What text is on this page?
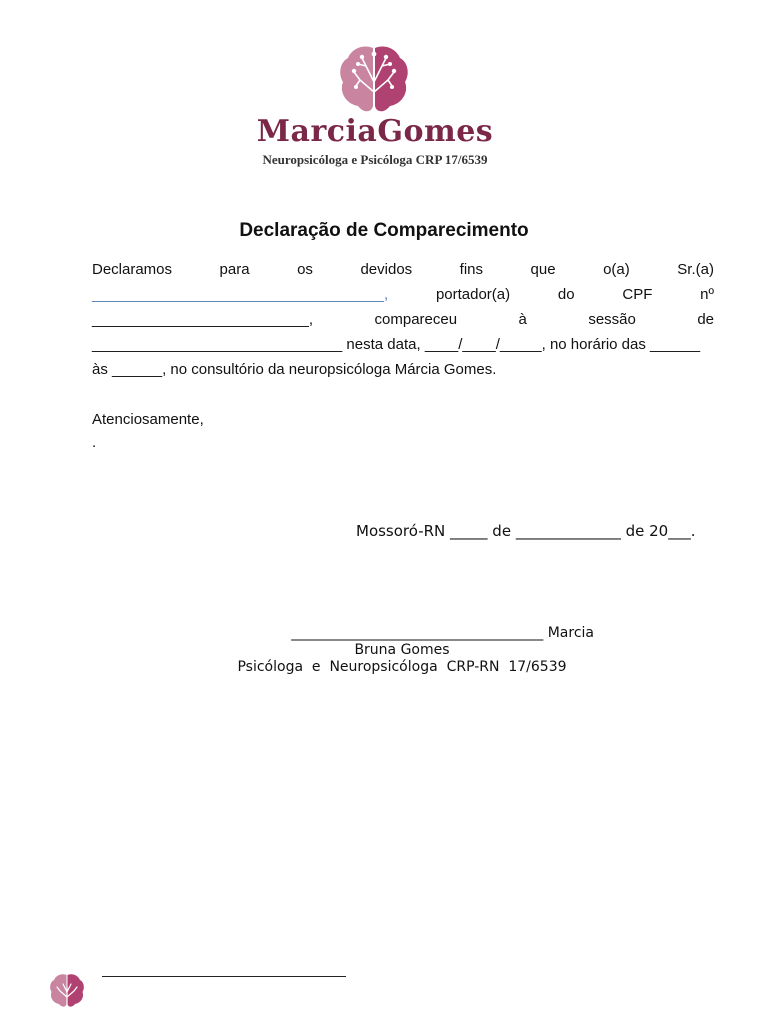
MarciaGomes
Neuropsicóloga e Psicóloga CRP 17/6539
Declaração de Comparecimento
Declaramos	para	os	devidos	fins	que	o(a)	Sr.(a)
___________________________________,	portador(a)	do	CPF	nº
__________________________,	compareceu	à	sessão	de
______________________________ nesta data, ____/____/_____, no horário das ______
às ______, no consultório da neuropsicóloga Márcia Gomes.
Atenciosamente,
.
Mossoró-RN _____ de ______________ de 20___.
____________________________________ Marcia
Bruna Gomes
Psicóloga  e  Neuropsicóloga  CRP-RN  17/6539
